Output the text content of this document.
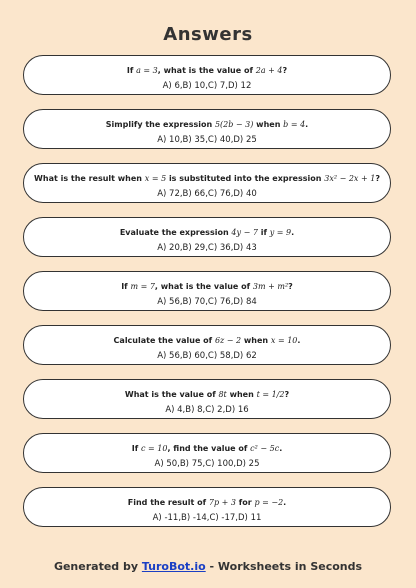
Answers
If a = 3, what is the value of 2a + 4?
A) 6,B) 10,C) 7,D) 12
Simplify the expression 5(2b − 3) when b = 4.
A) 10,B) 35,C) 40,D) 25
What is the result when x = 5 is substituted into the expression 3x² − 2x + 1?
A) 72,B) 66,C) 76,D) 40
Evaluate the expression 4y − 7 if y = 9.
A) 20,B) 29,C) 36,D) 43
If m = 7, what is the value of 3m + m²?
A) 56,B) 70,C) 76,D) 84
Calculate the value of 6z − 2 when x = 10.
A) 56,B) 60,C) 58,D) 62
What is the value of 8t when t = 1/2?
A) 4,B) 8,C) 2,D) 16
If c = 10, find the value of c² − 5c.
A) 50,B) 75,C) 100,D) 25
Find the result of 7p + 3 for p = −2.
A) -11,B) -14,C) -17,D) 11
Generated by TuroBot.io - Worksheets in Seconds
